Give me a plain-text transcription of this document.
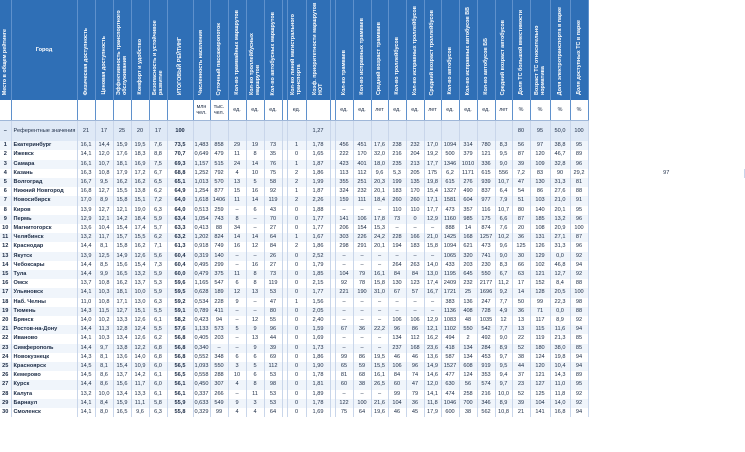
Место в общем рейтинге	Город	Физическая доступность	Ценовая доступность	Эффективность транспортного обслуживания	Комфорт и удобство	Безопасность и устойчивое развитие	ИТОГОВЫЙ РЕЙТИНГ	Численность населения	Суточный пассажиропоток	Кол-во трамвайных маршрутов	Кол-во троллейбусных маршрутов	Кол-во автобусных маршрутов		Кол-во линий магистрального транспорта	Коэф. приоритетности маршрутов НОТ		Кол-во трамваев	Кол-во исправных трамваев	Средний возраст трамваев	Кол-во троллейбусов	Кол-во исправных троллейбусов	Средний возраст троллейбусов	Кол-во автобусов	Кол-во исправных автобусов ВВ	Кол-во автобусов ББ	Средний возраст автобусов	Доля ТС большой вместимости	Возраст ТС относительно норматива	Доля электротранспорта в парке	Доля доступных ТС в парке	
								млн чел.	тыс. чел.	ед.	ед.	ед.		ед.			ед.	ед.	лет	ед.	ед.	лет	ед.	ед.	ед.	лет	%	%	%	%	
–	Референтные значения	21	17	25	20	17	100								1,27												80	95	50,0	100	
1	Екатеринбург	16,1	14,4	15,9	19,5	7,6	73,5	1,483	858	29	19	73		1	1,78		456	451	17,6	238	232	17,0	1094	314	780	8,3	56	97	38,8	95	
2	Ижевск	14,1	12,0	17,6	18,3	8,8	70,7	0,649	479	11	8	35		0	1,65		222	170	32,0	216	204	19,2	500	379	121	9,5	87	120	46,7	89	
3	Самара	16,1	10,7	18,1	16,9	7,5	69,3	1,157	515	24	14	76		1	1,87		423	401	18,0	235	213	17,7	1346	1010	336	9,0	39	109	32,8	96	
4	Казань	16,3	10,8	17,9	17,2	6,7	68,8	1,252	792	4	10	75		2	1,86		113	112	9,6	5,3	205	175	6,2	1171	615	556	7,2	83	90	29,2	97
5	Волгоград	16,7	9,5	16,2	16,2	6,5	65,1	1,013	570	13	5	58		2	1,99		355	251	20,3	199	135	19,8	615	276	939	10,7	47	130	31,3	81	
6	Нижний Новгород	16,8	12,7	15,5	13,8	6,2	64,9	1,254	877	15	16	92		1	1,87		324	232	20,1	183	170	15,4	1327	490	837	6,4	54	86	27,6	88	
7	Новосибирск	17,0	8,9	15,8	15,1	7,2	64,0	1,618	1406	11	14	119		2	2,26		159	111	18,4	260	260	17,1	1581	604	977	7,9	51	103	21,0	91	
8	Киров	13,9	12,7	12,1	19,0	6,3	64,0	0,513	259	–	6	43		0	1,88		–	–	–	110	110	17,7	473	357	116	10,7	80	140	20,1	95	
9	Пермь	12,9	12,1	14,2	18,4	5,9	63,4	1,054	743	8	–	70		0	1,77		141	106	17,8	73	0	12,9	1160	985	175	6,6	87	185	13,2	96	
10	Магнитогорск	13,6	10,4	15,4	17,4	5,7	63,3	0,413	88	34	–	27		0	1,77		206	154	15,3	–	–	–	888	14	874	7,6	20	108	20,9	100	
11	Челябинск	13,2	11,7	15,7	15,5	6,2	63,2	1,202	824	14	14	64		1	1,67		303	226	24,2	228	166	21,0	1425	168	1257	10,2	36	131	27,1	87	
12	Краснодар	14,4	8,1	15,8	16,2	7,1	61,3	0,918	749	16	12	84		2	1,86		298	291	20,1	194	183	15,8	1094	621	473	9,6	125	126	31,3	96	
13	Якутск	13,9	12,5	14,9	12,6	5,6	60,4	0,319	140	–	–	26		0	2,52		–	–	–	–	–	–	1065	320	741	9,0	30	129	0,0	92	
14	Чебоксары	14,4	8,5	15,6	15,4	7,3	60,4	0,495	299	–	16	27		0	1,79		–	–	–	264	263	14,0	433	203	230	8,3	66	102	46,8	94	
15	Тула	14,4	9,9	16,5	13,2	5,9	60,0	0,479	375	11	8	73		0	1,85		104	79	16,1	84	84	13,0	1195	645	550	6,7	63	121	12,7	92	
16	Омск	13,7	10,8	16,2	13,7	5,3	59,6	1,165	547	6	8	119		0	2,15		92	78	15,8	130	123	17,4	2409	232	2177	11,2	17	152	8,4	88	
17	Ульяновск	14,1	10,3	18,1	10,0	5,9	59,5	0,628	189	12	13	53		0	1,77		221	190	31,0	67	57	16,7	1721	25	1696	9,2	14	128	20,5	100	
18	Наб. Челны	11,0	10,8	17,1	13,0	6,3	59,2	0,534	228	9	–	47		1	1,56		–	–	–	–	–	–	383	136	247	7,7	50	99	22,3	98	
19	Тюмень	14,3	11,5	12,7	15,1	5,5	59,1	0,789	411	–	–	80		0	2,05		–	–	–	–	–	–	1136	408	728	4,9	36	71	0,0	88	
20	Брянск	14,0	10,2	13,3	12,6	6,1	58,2	0,423	94	–	12	55		0	2,40		–	–	–	106	106	12,9	1083	48	1035	12	13	117	8,9	92	
21	Ростов-на-Дону	14,4	11,3	12,8	12,4	5,5	57,6	1,133	573	5	9	96		0	1,59		67	36	22,2	96	86	12,1	1102	550	542	7,7	13	115	11,6	94	
22	Иваново	14,1	10,3	13,4	12,6	6,2	56,8	0,405	203	–	13	44		0	1,69		–	–	–	134	112	16,2	494	2	492	9,0	22	119	21,3	85	
23	Симферополь	14,4	9,7	13,8	12,2	6,8	56,8	0,340	–	–	9	39		0	1,73		–	–	–	237	168	23,6	418	134	284	8,9	52	180	38,0	85	
24	Новокузнецк	14,3	8,1	13,6	14,0	6,8	56,8	0,552	348	6	6	69		0	1,86		99	86	19,5	46	46	13,6	587	134	453	9,7	38	124	19,8	94	
25	Красноярск	14,5	8,1	15,4	10,9	6,0	56,5	1,093	550	3	5	112		0	1,90		65	59	15,5	106	96	14,9	1527	608	919	9,5	44	120	10,4	94	
26	Кемерово	14,5	8,6	13,7	14,2	6,1	56,5	0,558	288	10	6	53		0	1,78		81	68	16,1	84	74	14,6	477	124	353	9,4	37	121	14,3	89	
27	Курск	14,4	8,6	15,6	11,7	6,0	56,1	0,450	307	4	8	98		0	1,81		60	38	26,5	60	47	12,0	630	56	574	9,7	23	127	11,0	95	
28	Калуга	13,2	10,0	13,4	13,3	6,1	56,1	0,337	266	–	11	53		0	1,89		–	–	–	99	79	14,1	474	258	216	10,0	52	125	11,8	92	
29	Барнаул	14,1	8,4	15,9	11,1	5,8	55,9	0,633	549	9	3	53		0	1,78		122	100	21,6	104	36	11,8	1046	700	346	8,9	39	104	14,0	92	
30	Смоленск	14,1	8,0	16,5	9,6	6,3	55,8	0,329	99	4	4	64		0	1,69		75	64	19,6	46	45	17,9	600	38	562	10,8	21	141	16,8	94	
